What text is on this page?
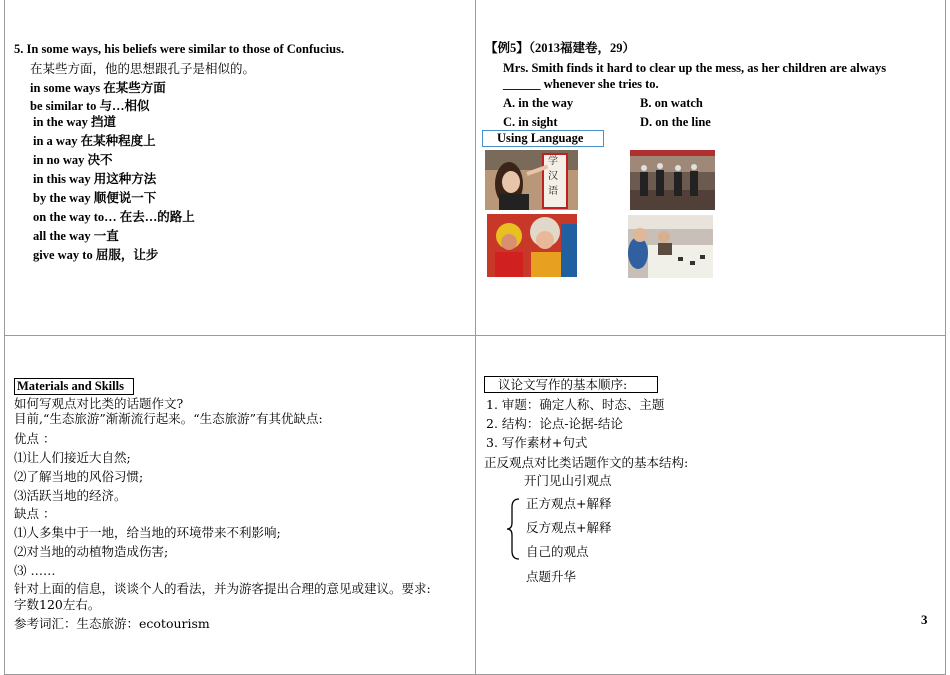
5. In some ways, his beliefs were similar to those of Confucius.
在某些方面，他的思想跟孔子是相似的。
in some ways 在某些方面
be similar to 与…相似
in the way 挡道
in a way 在某种程度上
in no way 决不
in this way 用这种方法
by the way 顺便说一下
on the way to… 在去…的路上
all the way 一直
give way to 屈服，让步
【例5】（2013福建卷，29）
Mrs. Smith finds it hard to clear up the mess, as her children are always
______ whenever she tries to.
A. in the way	B. on watch
C. in sight	D. on the line
Using Language
学汉语
Materials and Skills
如何写观点对比类的话题作文?
目前,“生态旅游”渐渐流行起来。“生态旅游”有其优缺点:
优点 ：
⑴让人们接近大自然;
⑵了解当地的风俗习惯;
⑶活跃当地的经济。
缺点 ：
⑴人多集中于一地，给当地的环境带来不利影响;
⑵对当地的动植物造成伤害;
⑶ ……
针对上面的信息，谈谈个人的看法，并为游客提出合理的意见或建议。要求:
字数120左右。
参考词汇：生态旅游：ecotourism
议论文写作的基本顺序:
1. 审题：确定人称、时态、主题
2. 结构：论点-论据-结论
3. 写作素材+句式
正反观点对比类话题作文的基本结构:
开门见山引观点
正方观点+解释
反方观点+解释
自己的观点
点题升华
3
